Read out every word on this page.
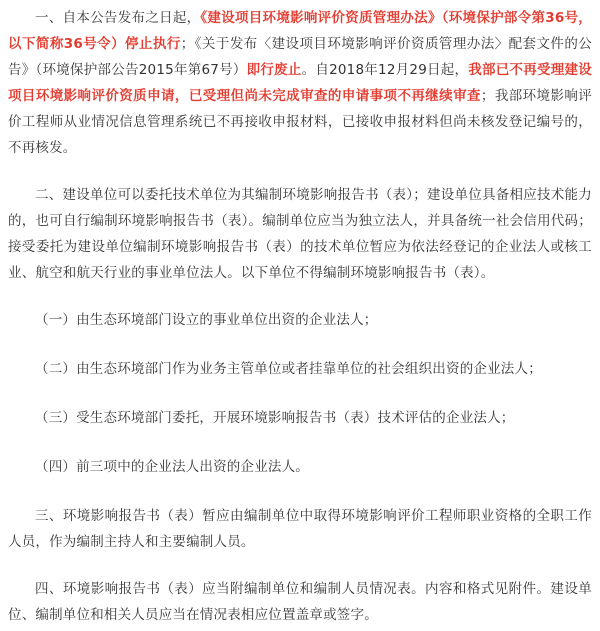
一、自本公告发布之日起，《建设项目环境影响评价资质管理办法》（环境保护部令第36号，以下简称36号令）停止执行；《关于发布〈建设项目环境影响评价资质管理办法〉配套文件的公告》（环境保护部公告2015年第67号）即行废止。自2018年12月29日起，我部已不再受理建设项目环境影响评价资质申请，已受理但尚未完成审查的申请事项不再继续审查；我部环境影响评价工程师从业情况信息管理系统已不再接收申报材料，已接收申报材料但尚未核发登记编号的，不再核发。

二、建设单位可以委托技术单位为其编制环境影响报告书（表）；建设单位具备相应技术能力的，也可自行编制环境影响报告书（表）。编制单位应当为独立法人，并具备统一社会信用代码；接受委托为建设单位编制环境影响报告书（表）的技术单位暂应为依法经登记的企业法人或核工业、航空和航天行业的事业单位法人。以下单位不得编制环境影响报告书（表）。

（一）由生态环境部门设立的事业单位出资的企业法人；

（二）由生态环境部门作为业务主管单位或者挂靠单位的社会组织出资的企业法人；

（三）受生态环境部门委托，开展环境影响报告书（表）技术评估的企业法人；

（四）前三项中的企业法人出资的企业法人。

三、环境影响报告书（表）暂应由编制单位中取得环境影响评价工程师职业资格的全职工作人员，作为编制主持人和主要编制人员。

四、环境影响报告书（表）应当附编制单位和编制人员情况表。内容和格式见附件。建设单位、编制单位和相关人员应当在情况表相应位置盖章或签字。
